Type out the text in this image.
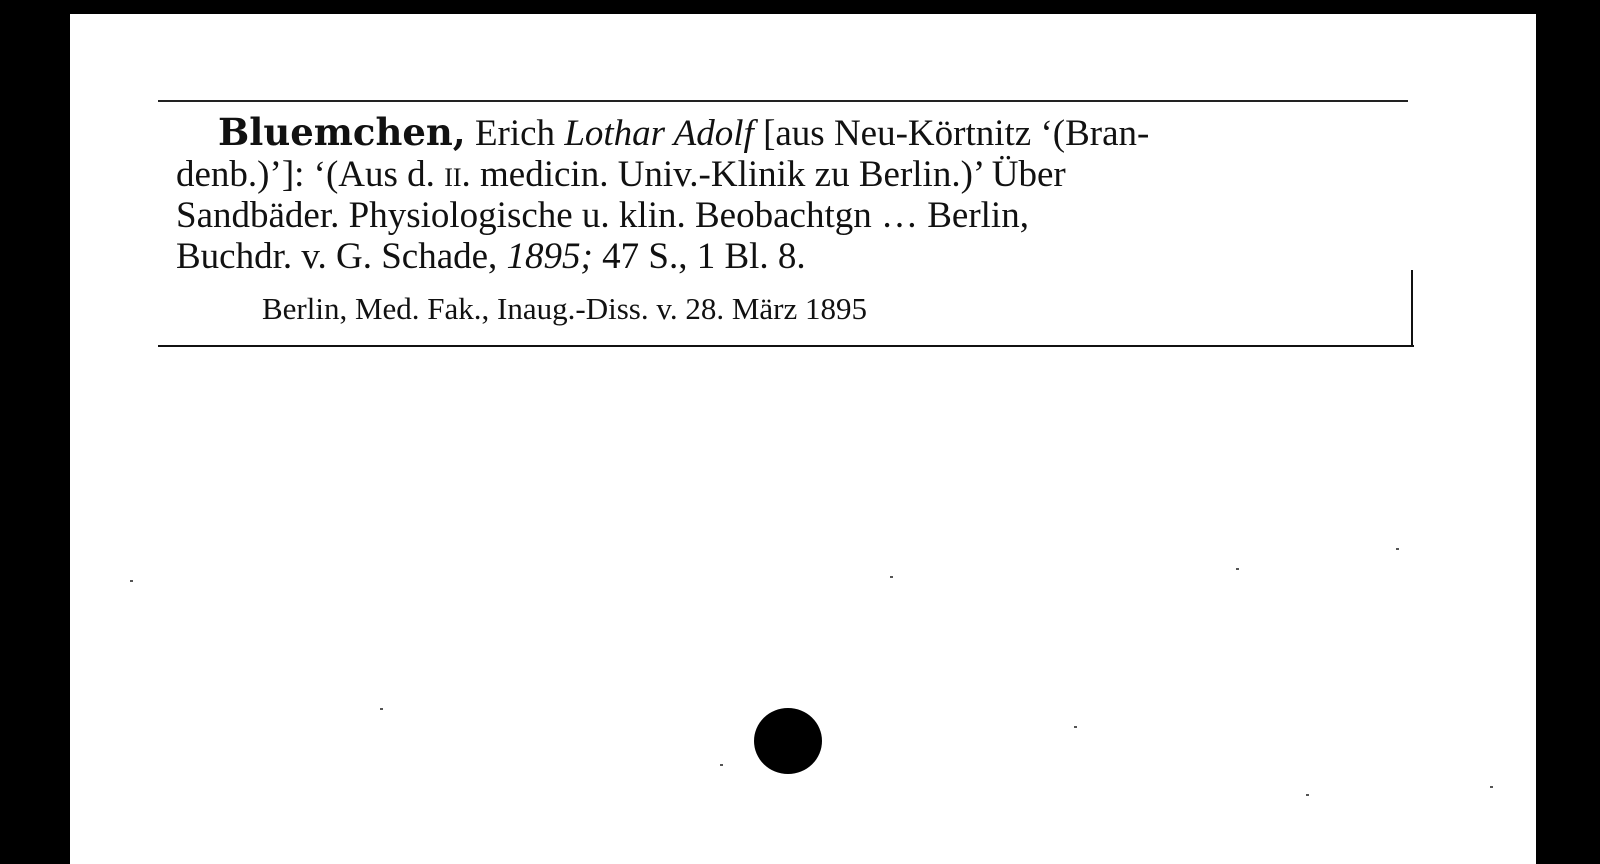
Bluemchen, Erich Lothar Adolf [aus Neu-Körtnitz ‘(Bran-
denb.)’]: ‘(Aus d. ii. medicin. Univ.-Klinik zu Berlin.)’ Über
Sandbäder. Physiologische u. klin. Beobachtgn … Berlin,
Buchdr. v. G. Schade, 1895; 47 S., 1 Bl. 8.
Berlin, Med. Fak., Inaug.-Diss. v. 28. März 1895
